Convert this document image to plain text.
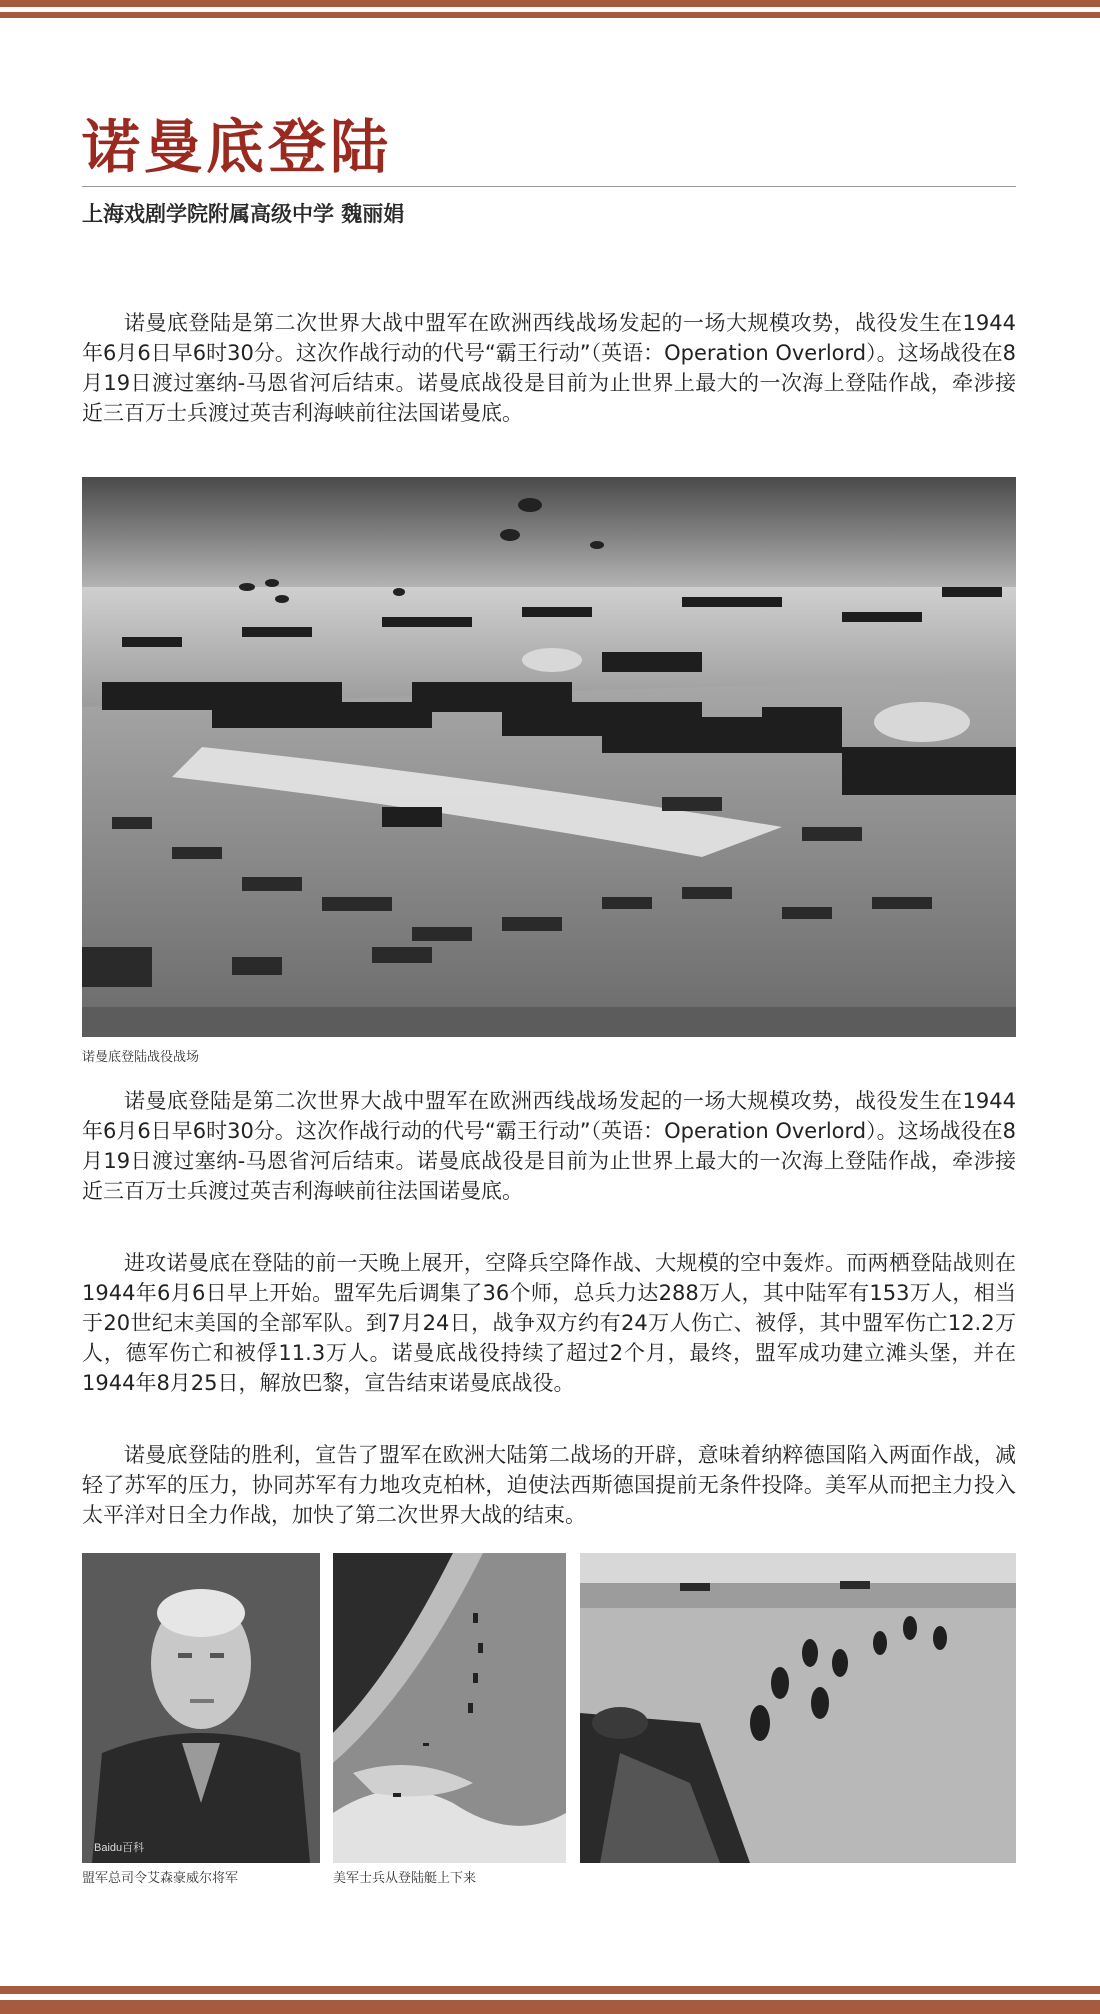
诺曼底登陆
上海戏剧学院附属高级中学 魏丽娟

诺曼底登陆是第二次世界大战中盟军在欧洲西线战场发起的一场大规模攻势，战役发生在1944年6月6日早6时30分。这次作战行动的代号“霸王行动”（英语：Operation Overlord）。这场战役在8月19日渡过塞纳-马恩省河后结束。诺曼底战役是目前为止世界上最大的一次海上登陆作战，牵涉接近三百万士兵渡过英吉利海峡前往法国诺曼底。

诺曼底登陆战役战场

诺曼底登陆是第二次世界大战中盟军在欧洲西线战场发起的一场大规模攻势，战役发生在1944年6月6日早6时30分。这次作战行动的代号“霸王行动”（英语：Operation Overlord）。这场战役在8月19日渡过塞纳-马恩省河后结束。诺曼底战役是目前为止世界上最大的一次海上登陆作战，牵涉接近三百万士兵渡过英吉利海峡前往法国诺曼底。

进攻诺曼底在登陆的前一天晚上展开，空降兵空降作战、大规模的空中轰炸。而两栖登陆战则在1944年6月6日早上开始。盟军先后调集了36个师，总兵力达288万人，其中陆军有153万人，相当于20世纪末美国的全部军队。到7月24日，战争双方约有24万人伤亡、被俘，其中盟军伤亡12.2万人，德军伤亡和被俘11.3万人。诺曼底战役持续了超过2个月，最终，盟军成功建立滩头堡，并在1944年8月25日，解放巴黎，宣告结束诺曼底战役。

诺曼底登陆的胜利，宣告了盟军在欧洲大陆第二战场的开辟，意味着纳粹德国陷入两面作战，减轻了苏军的压力，协同苏军有力地攻克柏林，迫使法西斯德国提前无条件投降。美军从而把主力投入太平洋对日全力作战，加快了第二次世界大战的结束。

Baidu百科
盟军总司令艾森豪威尔将军	美军士兵从登陆艇上下来
